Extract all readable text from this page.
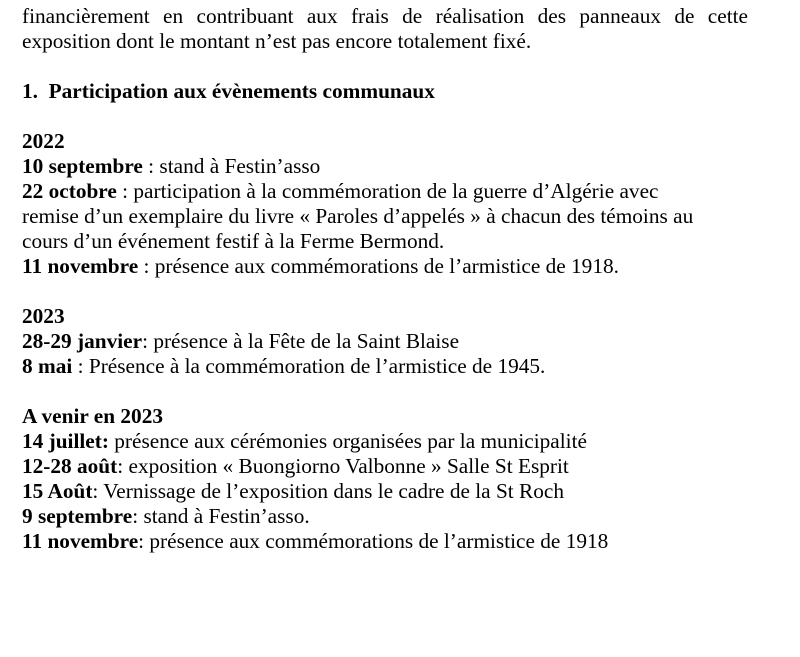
financièrement en contribuant aux frais de réalisation des panneaux de cette
exposition dont le montant n’est pas encore totalement fixé.
1. Participation aux évènements communaux
2022
10 septembre : stand à Festin’asso
22 octobre : participation à la commémoration de la guerre d’Algérie avec
remise d’un exemplaire du livre « Paroles d’appelés » à chacun des témoins au
cours d’un événement festif à la Ferme Bermond.
11 novembre : présence aux commémorations de l’armistice de 1918.
2023
28-29 janvier: présence à la Fête de la Saint Blaise
8 mai : Présence à la commémoration de l’armistice de 1945.
A venir en 2023
14 juillet: présence aux cérémonies organisées par la municipalité
12-28 août: exposition « Buongiorno Valbonne » Salle St Esprit
15 Août: Vernissage de l’exposition dans le cadre de la St Roch
9 septembre: stand à Festin’asso.
11 novembre: présence aux commémorations de l’armistice de 1918
